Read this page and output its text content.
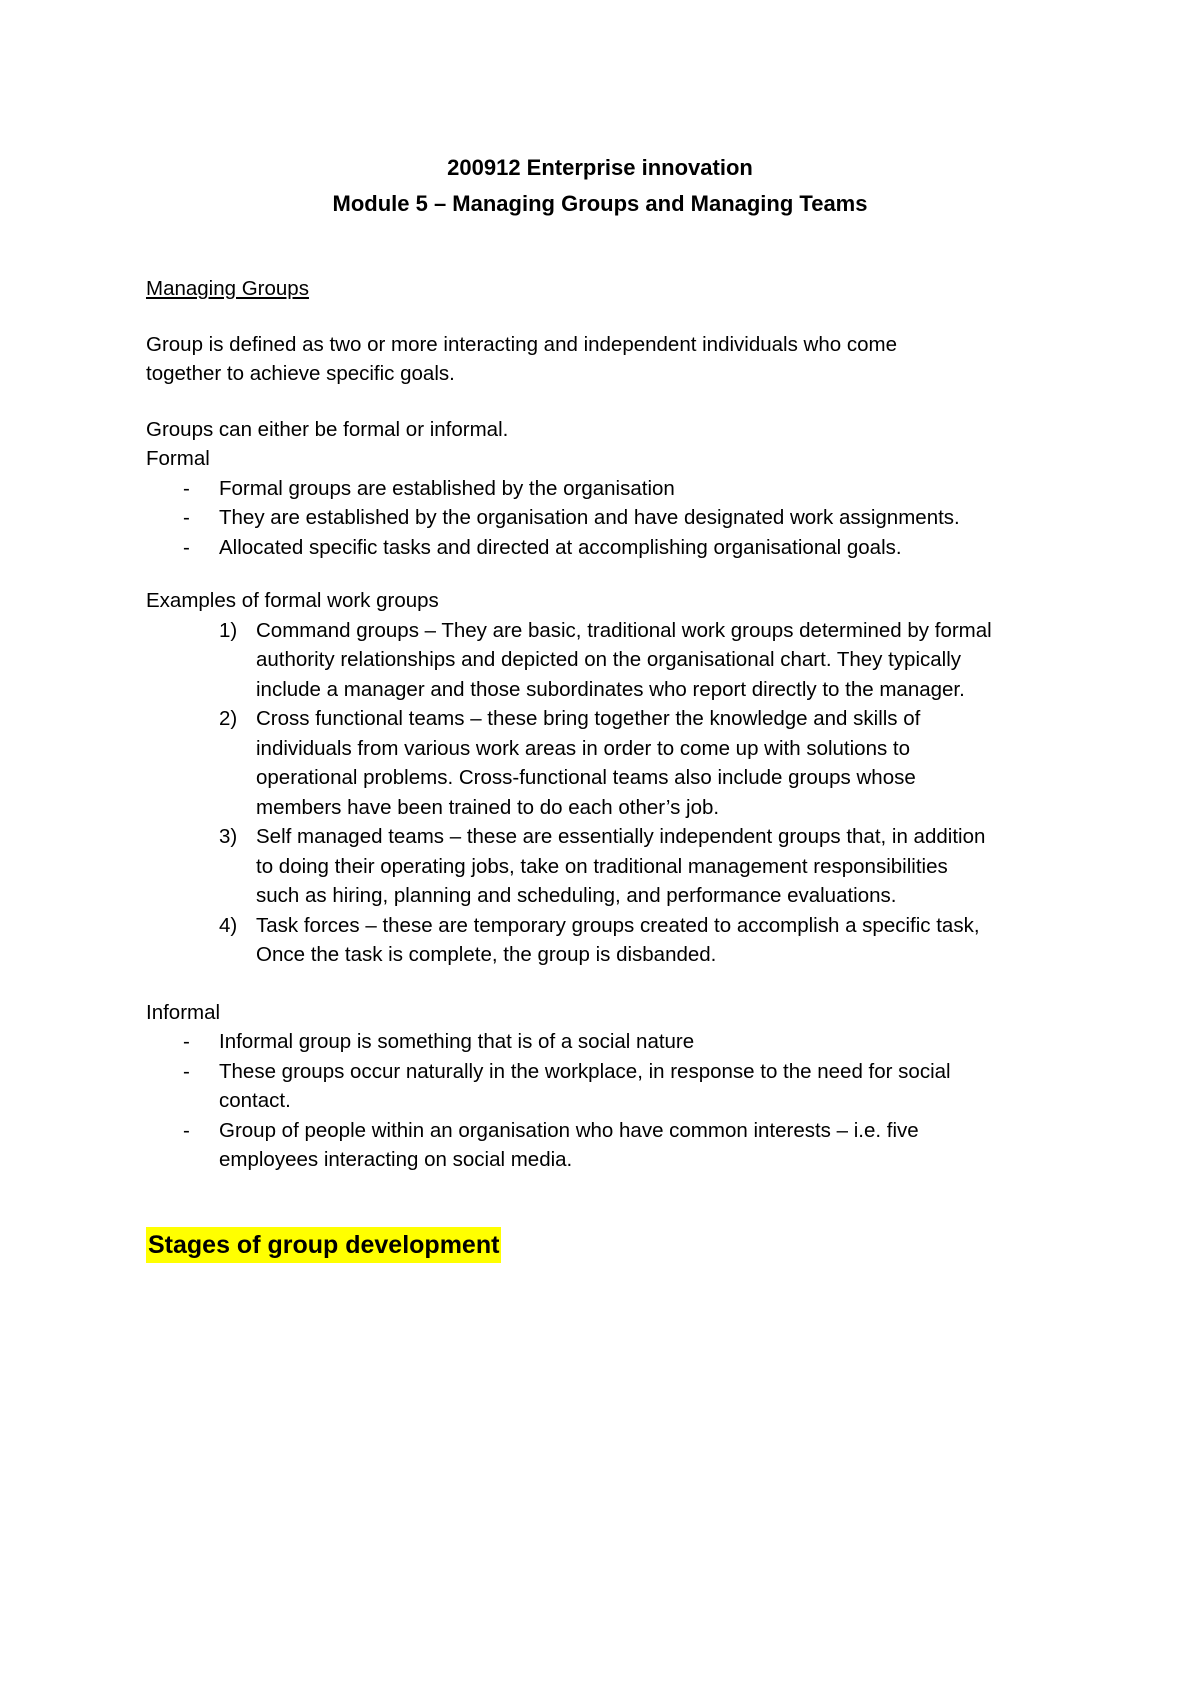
200912 Enterprise innovation

Module 5 – Managing Groups and Managing Teams

Managing Groups

Group is defined as two or more interacting and independent individuals who come

together to achieve specific goals.

Groups can either be formal or informal.

Formal

-	Formal groups are established by the organisation
-	They are established by the organisation and have designated work assignments.
-	Allocated specific tasks and directed at accomplishing organisational goals.

Examples of formal work groups

1) Command groups – They are basic, traditional work groups determined by formal
authority relationships and depicted on the organisational chart. They typically
include a manager and those subordinates who report directly to the manager.
2) Cross functional teams – these bring together the knowledge and skills of
individuals from various work areas in order to come up with solutions to
operational problems. Cross-functional teams also include groups whose
members have been trained to do each other’s job.
3) Self managed teams – these are essentially independent groups that, in addition
to doing their operating jobs, take on traditional management responsibilities
such as hiring, planning and scheduling, and performance evaluations.
4) Task forces – these are temporary groups created to accomplish a specific task,
Once the task is complete, the group is disbanded.

Informal

-	Informal group is something that is of a social nature
-	These groups occur naturally in the workplace, in response to the need for social
contact.
-	Group of people within an organisation who have common interests – i.e. five
employees interacting on social media.

Stages of group development
